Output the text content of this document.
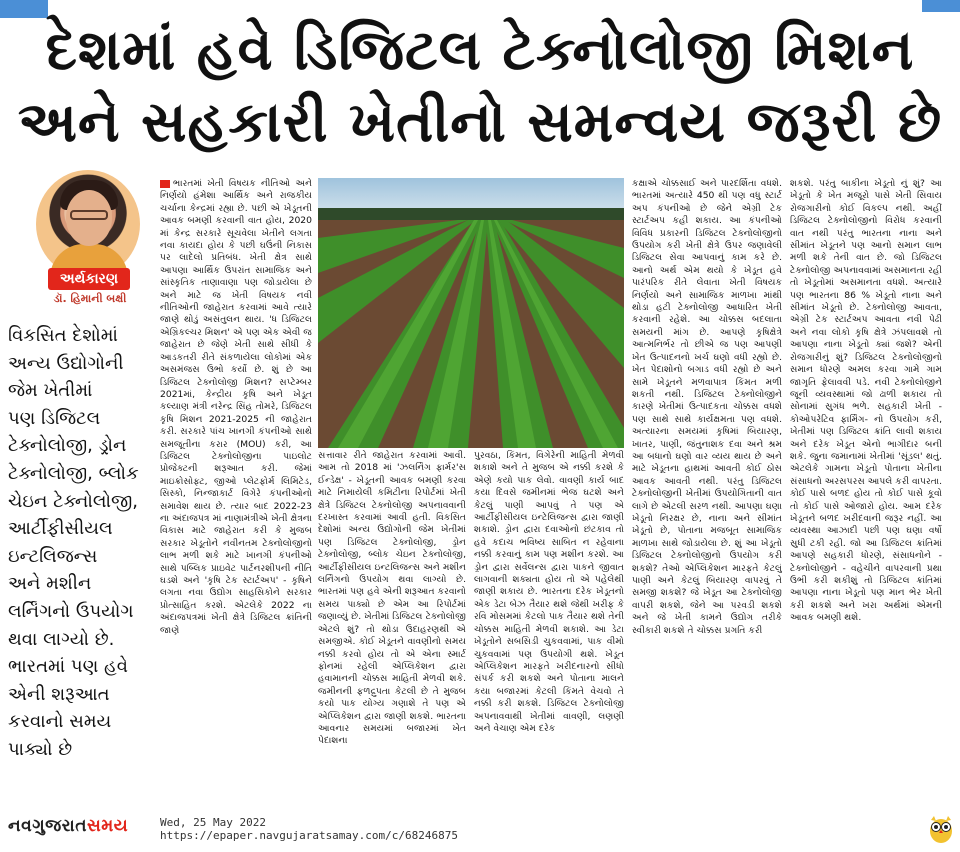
દેશમાં હવે ડિજિટલ ટેક્નોલોજી મિશન
અને સહકારી ખેતીનો સમન્વય જરૂરી છે
અર્થકારણ
ડૉ. હિમાની બક્ષી
વિકસિત દેશોમાં
અન્ય ઉદ્યોગોની
જેમ ખેતીમાં
પણ ડિજિટલ
ટેક્નોલોજી, ડ્રોન
ટેક્નોલોજી, બ્લોક
ચેઇન ટેક્નોલોજી,
આર્ટીફીસીયલ
ઇન્ટલિજન્સ
અને મશીન
લર્નિંગનો ઉપયોગ
થવા લાગ્યો છે.
ભારતમાં પણ હવે
એની શરૂઆત
કરવાનો સમય
પાક્યો છે
ભારતમાં ખેતી વિષયક નીતિઓ અને નિર્ણયો હંમેશા આર્થિક અને રાજકીય ચર્ચાના કેન્દ્રમાં રહ્યા છે. પછી એ ખેડૂતની આવક બમણી કરવાની વાત હોય, 2020 માં કેન્દ્ર સરકારે સૂચવેલા ખેતીને લગતા નવા કાયદા હોય કે પછી ઘઉંની નિકાસ પર લાદેલો પ્રતિબંધ. ખેતી ક્ષેત્ર સાથે આપણા આર્થિક ઉપરાંત સામાજિક અને સાંસ્કૃતિક તાણાવાણા પણ જોડાયેલા છે અને માટે જ ખેતી વિષયક નવી નીતિઓની જાહેરાત કરવામાં આવે ત્યારે જાણે થોડું અસંતુલન થાય. 'ધ ડિજિટલ એગ્રિકલ્ચર મિશન' એ પણ એક એવી જ જાહેરાત છે જેણે ખેતી સાથે સીધી કે આડકતરી રીતે સંકળાયેલા લોકોમાં એક અસમંજસ ઉભો કર્યો છે. શું છે આ ડિજિટલ ટેક્નોલોજી મિશન? સપ્ટેમ્બર 2021માં, કેન્દ્રીય કૃષિ અને ખેડૂત કલ્યાણ મંત્રી નરેન્દ્ર સિંહ તોમરે, ડિજિટલ કૃષિ મિશન 2021-2025 ની જાહેરાત કરી. સરકારે પાંચ ખાનગી કંપનીઓ સાથે સમજૂતીના કરાર (MOU) કરી, આ ડિજિટલ ટેક્નોલોજીના પાઇલોટ પ્રોજેક્ટની શરૂઆત કરી. જેમાં માઇક્રોસોફ્ટ, જીઓ પ્લેટફોર્મ લિમિટેડ, સિસ્કો, નિન્જાકાર્ટ વિગેરે કંપનીઓનો સમાવેશ થાય છે. ત્યાર બાદ 2022-23 ના અંદાજપત્ર માં નાણામંત્રીએ ખેતી ક્ષેત્રના વિકાસ માટે જાહેરાત કરી કે મુજબ સરકાર ખેડૂતોને નવીનતમ ટેક્નોલોજીનો લાભ મળી શકે માટે ખાનગી કંપનીઓ સાથે પબ્લિક પ્રાઇવેટ પાર્ટનરશીપની નીતિ ઘડશે અને 'કૃષિ ટેક સ્ટાર્ટઅપ' - કૃષિને લગતા નવા ઉદ્યોગ સાહસિકોને સરકાર પ્રોત્સાહિત કરશે. એટલેકે 2022 ના અંદાજપત્રમાં ખેતી ક્ષેત્રે ડિજિટલ ક્રાંતિની જાણે
સત્તાવાર રીતે જાહેરાત કરવામાં આવી. આમ તો 2018 માં 'ઝલર્નિંગ ફાર્મર'સ ઈન્ડેક્ષ' - ખેડૂતની આવક બમણી કરવા માટે નિમાયેલી કમિટીના રિપોર્ટમાં ખેતી ક્ષેત્રે ડિજિટલ ટેક્નોલોજી અપનાવવાની દરખાસ્ત કરવામાં આવી હતી. વિકસિત દેશોમાં અન્ય ઉદ્યોગોની જેમ ખેતીમાં પણ ડિજિટલ ટેક્નોલોજી, ડ્રોન ટેક્નોલોજી, બ્લોક ચેઇન ટેક્નોલોજી, આર્ટીફીસીયલ ઇન્ટલિજન્સ અને મશીન લર્નિંગનો ઉપયોગ થવા લાગ્યો છે. ભારતમાં પણ હવે એની શરૂઆત કરવાનો સમય પાક્યો છે એમ આ રિપોર્ટમાં જણાવ્યું છે. ખેતીમાં ડિજિટલ ટેક્નોલોજી એટલે શું? તો થોડા ઉદાહરણથી એ સમજીએ. કોઈ ખેડૂતને વાવણીનો સમય નક્કી કરવો હોય તો એ એના સ્માર્ટ ફોનમાં રહેલી એપ્લિકેશન દ્વારા હવામાનની ચોક્કસ માહિતી મેળવી શકે. જમીનની ફળદ્રુપતા કેટલી છે તે મુજબ કયો પાક યોગ્ય ગણાશે તે પણ એ એપ્લિકેશન દ્વારા જાણી શકશે. ભારતના આવનાર સમયમાં બજારમાં ખેત પેદાશના
પુરવઠા, કિંમત, વિગેરેની માહિતી મેળવી શકાશે અને તે મુજબ એ નક્કી કરશે કે એણે કયો પાક લેવો. વાવણી કાર્ય બાદ કયા દિવસે જમીનમાં ભેજ ઘટશે અને કેટલું પાણી આપવું તે પણ એ આર્ટીફીસીયલ ઇન્ટેલિજન્સ દ્વારા જાણી શકાશે. ડ્રોન દ્વારા દવાઓનો છંટકાવ તો હવે કદાચ ભવિષ્ય સાબિત ન રહેવાના નક્કી કરવાનું કામ પણ મશીન કરશે. આ ડ્રોન દ્વારા સર્વેલન્સ દ્વારા પાકને જીવાત લાગવાની શક્યતા હોય તો એ પહેલેથી જાણી શકાય છે. ભારતના દરેક ખેડૂતનો એક ડેટા બેઝ તૈયાર થશે જેથી ખરીફ કે રવિ મોસમમાં કેટલો પાક તૈયાર થશે તેની ચોક્કસ માહિતી મેળવી શકાશે. આ ડેટા ખેડૂતોને સબસિડી ચુકવવામાં, પાક વીમો ચુકવવામાં પણ ઉપયોગી થશે. ખેડૂત એપ્લિકેશન મારફતે ખરીદનારનો સીધો સંપર્ક કરી શકશે અને પોતાના માલને કયા બજારમાં કેટલી કિંમતે વેચવો તે નક્કી કરી શકશે. ડિજિટલ ટેક્નોલોજી અપનાવવાથી ખેતીમાં વાવણી, લણણી અને વેચાણ એમ દરેક
કક્ષાએ ચોક્કસાઈ અને પારદર્શિતા વધશે. ભારતમાં અત્યારે 450 થી પણ વધુ સ્ટાર્ટ અપ કંપનીઓ છે જેને એગ્રી ટેક સ્ટાર્ટઅપ કહી શકાય. આ કંપનીઓ વિવિધ પ્રકારની ડિજિટલ ટેક્નોલોજીનો ઉપયોગ કરી ખેતી ક્ષેત્રે ઉપર જણાવેલી ડિજિટલ સેવા આપવાનું કામ કરે છે. આનો અર્થ એમ થયો કે ખેડૂત હવે પારંપરિક રીતે લેવાતા ખેતી વિષયક નિર્ણયો અને સામાજિક માળખા માંથી થોડા હટી ટેક્નોલોજી આધારિત ખેતી કરવાની રહેશે. આ ચોક્કસ બદલાતા સમયની માંગ છે. આપણે કૃષિક્ષેત્રે આત્મનિર્ભર તો છીએ જ પણ આપણી ખેત ઉત્પાદનનો ખર્ચ ઘણો વધી રહ્યો છે. ખેત પેદાશોનો બગાડ વધી રહ્યો છે અને સામે ખેડૂતને મળવાપાત્ર કિંમત મળી શકતી નથી. ડિજિટલ ટેક્નોલોજીને કારણે ખેતીમાં ઉત્પાદકતા ચોક્કસ વધશે પણ સાથે સાથે કાર્યક્ષમતા પણ વધશે. અત્યારના સમયમાં કૃષિમાં બિયારણ, ખાતર, પાણી, જંતુનાશક દવા અને શ્રમ આ બધાનો ઘણો વાર વ્યય થાય છે અને માટે ખેડૂતના હાથમાં આવતી કોઈ ઠોસ આવક આવતી નથી. પરંતુ ડિજિટલ ટેક્નોલોજીની ખેતીમાં ઉપયોગિતાની વાત લાગે છે એટલી સરળ નથી. આપણા ઘણા ખેડૂતો નિરક્ષર છે, નાના અને સીમાંત ખેડૂતો છે, પોતાના મજબૂત સામાજિક માળખા સાથે જોડાયેલા છે. શું આ ખેડૂતો ડિજિટલ ટેક્નોલોજીનો ઉપયોગ કરી શકશે? તેઓ એપ્લિકેશન મારફતે કેટલું પાણી અને કેટલું બિયારણ વાપરવું તે સમજી શકશે? જે ખેડૂત આ ટેક્નોલોજી વાપરી શકશે, જેને આ પરવડી શકશે અને જે ખેતી કામને ઉદ્યોગ તરીકે સ્વીકારી શકશે તે ચોક્કસ પ્રગતિ કરી
શકશે. પરંતુ બાકીના ખેડૂતો નું શું? આ ખેડૂતો કે ખેત મજૂરો પાસે ખેતી સિવાય રોજગારીનો કોઈ વિકલ્પ નથી. અહીં ડિજિટલ ટેક્નોલોજીનો વિરોધ કરવાની વાત નથી પરંતુ ભારતના નાના અને સીમાંત ખેડૂતને પણ આનો સમાન લાભ મળી શકે તેની વાત છે. જો ડિજિટલ ટેક્નોલોજી અપનાવવામાં અસમાનતા રહી તો ખેડૂતોમાં અસમાનતા વધશે. અત્યારે પણ ભારતના 86 % ખેડૂતો નાના અને સીમાંત ખેડૂતો છે. ટેક્નોલોજી આવતા, એગ્રી ટેક સ્ટાર્ટઅપ આવતા નવી પેઢી અને નવા લોકો કૃષિ ક્ષેત્રે ઝંપલાવશે તો આપણા નાના ખેડૂતો ક્યાં જશે? એની રોજગારીનું શું? ડિજિટલ ટેક્નોલોજીનો સમાન ધોરણે અમલ કરવા ગામે ગામ જાગૃતિ ફેલાવવી પડે. નવી ટેક્નોલોજીને જૂની વ્યવસ્થામાં જો ઢાળી શકાય તો સોનામાં સુગંધ ભળે. સહકારી ખેતી - કોઓપરેટિવ ફાર્મિંગ- નો ઉપયોગ કરી, ખેતીમાં પણ ડિજિટલ ક્રાંતિ લાવી શકાય અને દરેક ખેડૂત એનો ભાગીદાર બની શકે. જુના જમાનામાં ખેતીમાં 'સૂંડલ' થતું. એટલેકે ગામના ખેડૂતો પોતાના ખેતીના સંસાધનો અરસપરસ આપલે કરી વાપરતા. કોઈ પાસે બળદ હોય તો કોઈ પાસે કૂવો તો કોઈ પાસે ઓજારો હોય. આમ દરેક ખેડૂતને બળદ ખરીદવાની જરૂર નહીં. આ વ્યવસ્થા આઝાદી પછી પણ ઘણા વર્ષો સુધી ટકી રહી. જો આ ડિજિટલ ક્રાંતિમાં આપણે સહકારી ધોરણે, સંસાધનોને - ટેક્નોલોજીને - વહેચીને વાપરવાની પ્રથા ઉભી કરી શકીશું તો ડિજિટલ ક્રાંતિમાં આપણા નાના ખેડૂતો પણ માન ભેર ખેતી કરી શકશે અને ખરા અર્થમાં એમની આવક બમણી થશે.
નવગુજરાતસમય	Wed, 25 May 2022
https://epaper.navgujaratsamay.com/c/68246875
